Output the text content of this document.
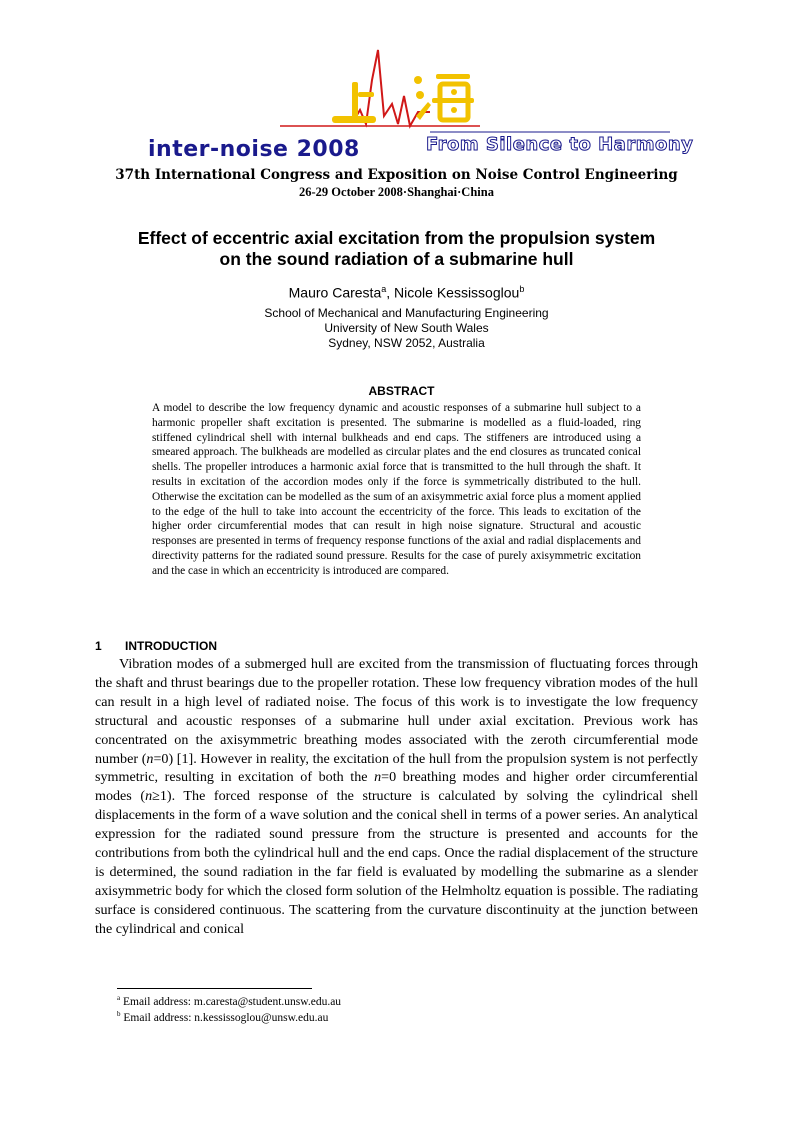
inter-noise 2008	From Silence to Harmony
37th International Congress and Exposition on Noise Control Engineering
26-29 October 2008·Shanghai·China
Effect of eccentric axial excitation from the propulsion system
on the sound radiation of a submarine hull
Mauro Caresta$^a$, Nicole Kessissoglou$^b$
School of Mechanical and Manufacturing Engineering
University of New South Wales
Sydney, NSW 2052, Australia
ABSTRACT
A model to describe the low frequency dynamic and acoustic responses of a submarine hull subject to a harmonic propeller shaft excitation is presented. The submarine is modelled as a fluid-loaded, ring stiffened cylindrical shell with internal bulkheads and end caps. The stiffeners are introduced using a smeared approach. The bulkheads are modelled as circular plates and the end closures as truncated conical shells. The propeller introduces a harmonic axial force that is transmitted to the hull through the shaft. It results in excitation of the accordion modes only if the force is symmetrically distributed to the hull. Otherwise the excitation can be modelled as the sum of an axisymmetric axial force plus a moment applied to the edge of the hull to take into account the eccentricity of the force. This leads to excitation of the higher order circumferential modes that can result in high noise signature. Structural and acoustic responses are presented in terms of frequency response functions of the axial and radial displacements and directivity patterns for the radiated sound pressure. Results for the case of purely axisymmetric excitation and the case in which an eccentricity is introduced are compared.
1 INTRODUCTION
Vibration modes of a submerged hull are excited from the transmission of fluctuating forces through the shaft and thrust bearings due to the propeller rotation. These low frequency vibration modes of the hull can result in a high level of radiated noise. The focus of this work is to investigate the low frequency structural and acoustic responses of a submarine hull under axial excitation. Previous work has concentrated on the axisymmetric breathing modes associated with the zeroth circumferential mode number (n=0) [1]. However in reality, the excitation of the hull from the propulsion system is not perfectly symmetric, resulting in excitation of both the n=0 breathing modes and higher order circumferential modes (n≥1). The forced response of the structure is calculated by solving the cylindrical shell displacements in the form of a wave solution and the conical shell in terms of a power series. An analytical expression for the radiated sound pressure from the structure is presented and accounts for the contributions from both the cylindrical hull and the end caps. Once the radial displacement of the structure is determined, the sound radiation in the far field is evaluated by modelling the submarine as a slender axisymmetric body for which the closed form solution of the Helmholtz equation is possible. The radiating surface is considered continuous. The scattering from the curvature discontinuity at the junction between the cylindrical and conical
$^a$ Email address: m.caresta@student.unsw.edu.au
$^b$ Email address: n.kessissoglou@unsw.edu.au
